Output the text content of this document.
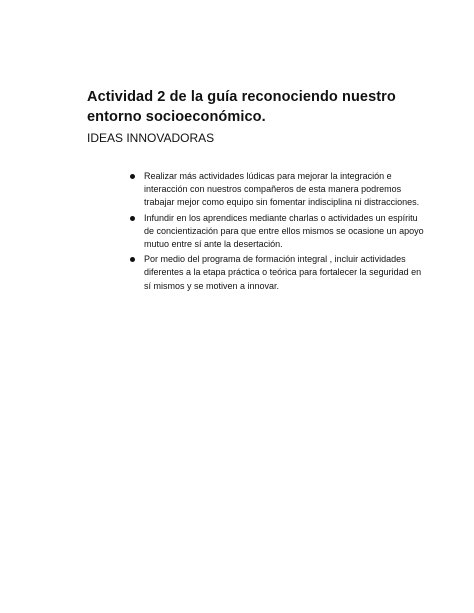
Actividad 2 de la guía reconociendo nuestro entorno socioeconómico.
IDEAS INNOVADORAS
Realizar más actividades lúdicas para mejorar la integración e interacción con nuestros compañeros de esta manera podremos trabajar mejor como equipo sin fomentar indisciplina ni distracciones.
Infundir en los aprendices mediante charlas o actividades un espíritu de concientización para que entre ellos mismos se ocasione un apoyo mutuo entre sí ante la desertación.
Por medio del programa de formación integral , incluir actividades diferentes a la etapa práctica o teórica para fortalecer la seguridad en sí mismos y se motiven a innovar.
